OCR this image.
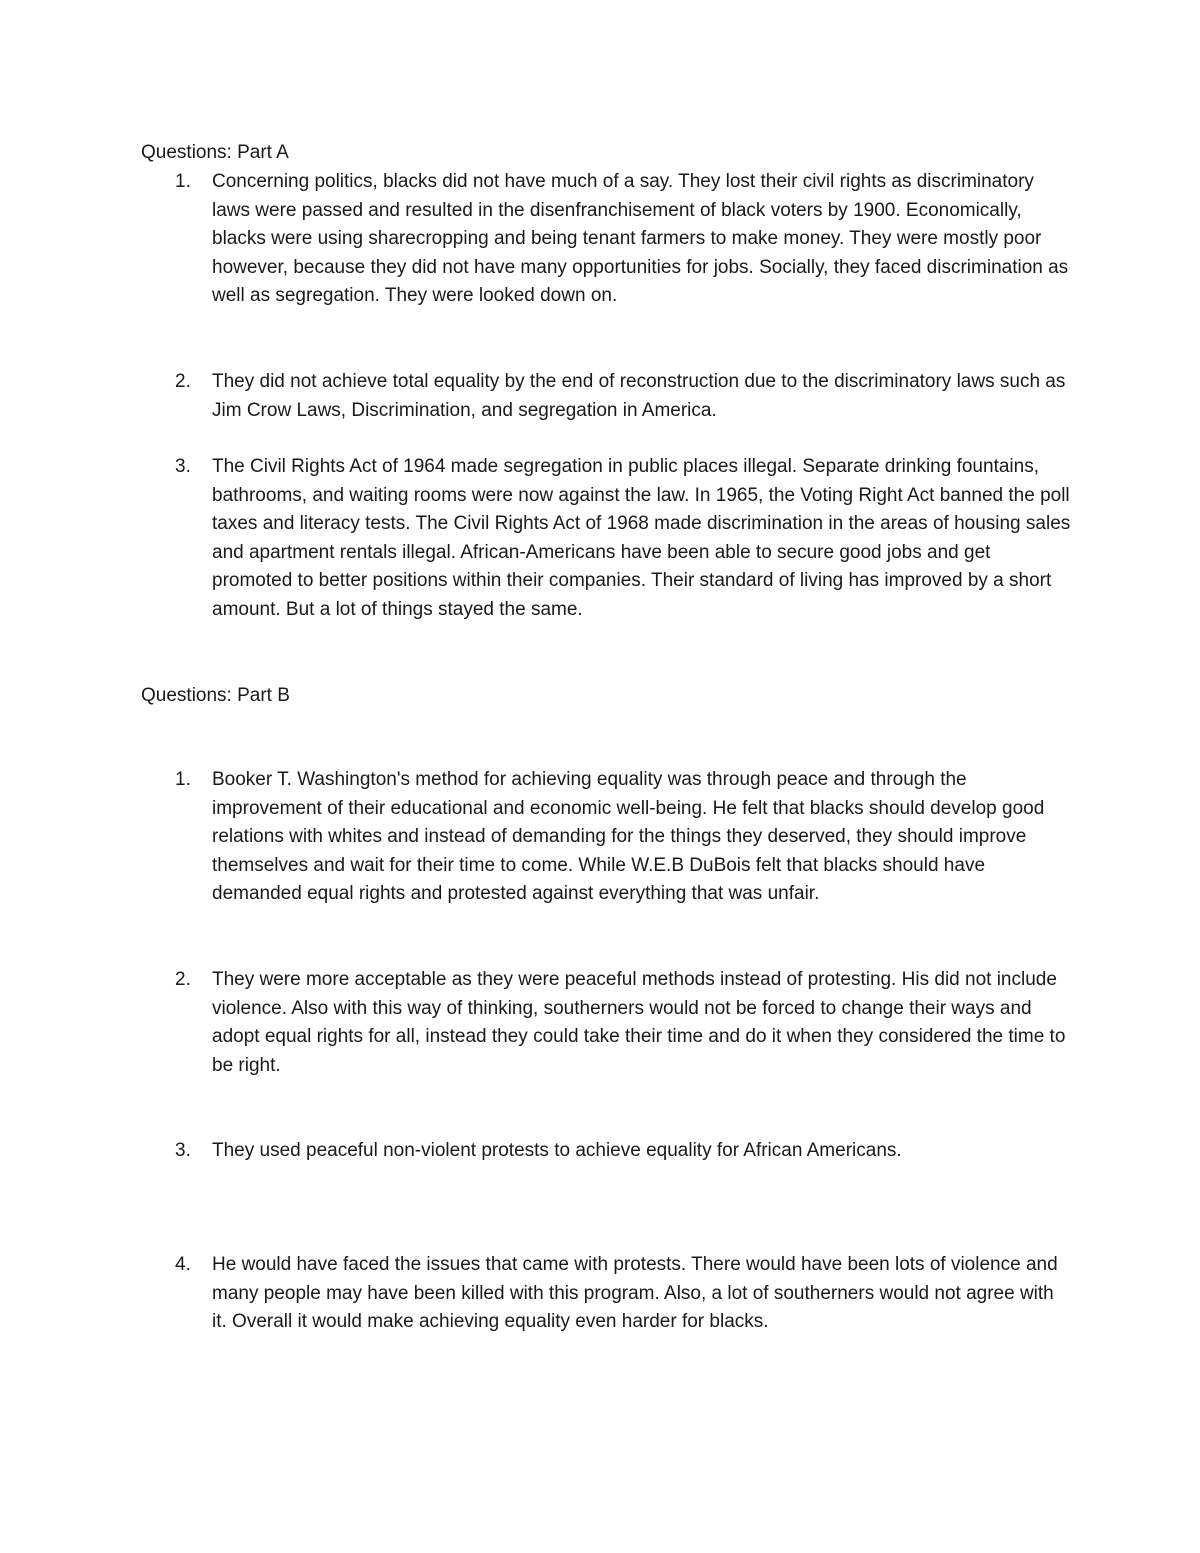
Questions: Part A
1.	Concerning politics, blacks did not have much of a say. They lost their civil rights as discriminatory laws were passed and resulted in the disenfranchisement of black voters by 1900. Economically, blacks were using sharecropping and being tenant farmers to make money. They were mostly poor however, because they did not have many opportunities for jobs. Socially, they faced discrimination as well as segregation. They were looked down on.
2.	They did not achieve total equality by the end of reconstruction due to the discriminatory laws such as Jim Crow Laws, Discrimination, and segregation in America.
3.	The Civil Rights Act of 1964 made segregation in public places illegal. Separate drinking fountains, bathrooms, and waiting rooms were now against the law. In 1965, the Voting Right Act banned the poll taxes and literacy tests. The Civil Rights Act of 1968 made discrimination in the areas of housing sales and apartment rentals illegal. African-Americans have been able to secure good jobs and get promoted to better positions within their companies. Their standard of living has improved by a short amount. But a lot of things stayed the same.
Questions: Part B
1.	Booker T. Washington's method for achieving equality was through peace and through the improvement of their educational and economic well-being. He felt that blacks should develop good relations with whites and instead of demanding for the things they deserved, they should improve themselves and wait for their time to come. While W.E.B DuBois felt that blacks should have demanded equal rights and protested against everything that was unfair.
2.	They were more acceptable as they were peaceful methods instead of protesting. His did not include violence. Also with this way of thinking, southerners would not be forced to change their ways and adopt equal rights for all, instead they could take their time and do it when they considered the time to be right.
3.	They used peaceful non-violent protests to achieve equality for African Americans.
4.	He would have faced the issues that came with protests. There would have been lots of violence and many people may have been killed with this program. Also, a lot of southerners would not agree with it. Overall it would make achieving equality even harder for blacks.
